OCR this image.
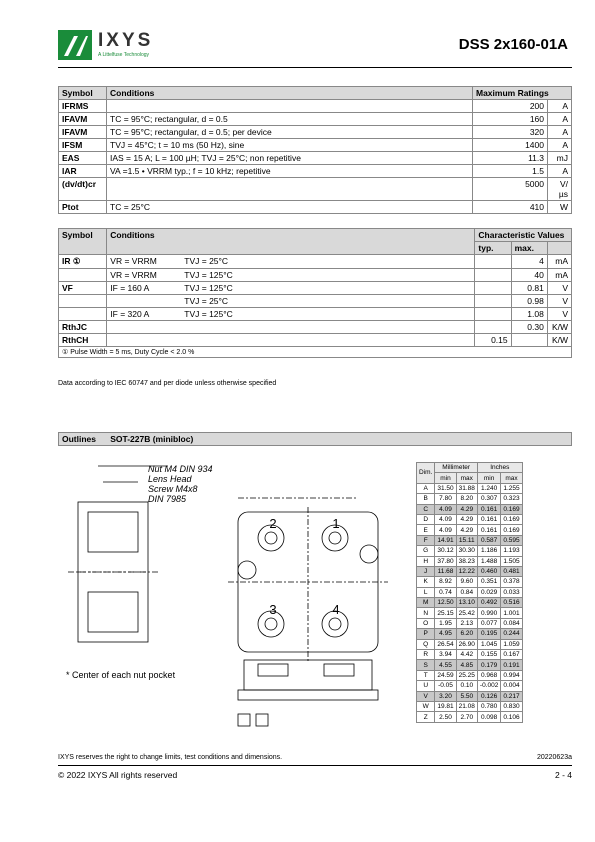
IXYS
A Littelfuse Technology
DSS 2x160-01A
Symbol	Conditions	Maximum Ratings	
IFRMS		200	A
IFAVM	TC = 95°C; rectangular, d = 0.5	160	A
IFAVM	TC = 95°C; rectangular, d = 0.5; per device	320	A
IFSM	TVJ = 45°C; t = 10 ms (50 Hz), sine	1400	A
EAS	IAS = 15 A; L = 100 µH; TVJ = 25°C; non repetitive	11.3	mJ
IAR	VA =1.5 • VRRM typ.; f = 10 kHz; repetitive	1.5	A
(dv/dt)cr		5000	V/µs
Ptot	TC = 25°C	410	W
Symbol	Conditions	Characteristic Values		
		typ.	max.	
IR ①	VR = VRRM TVJ = 25°C		4	mA
	VR = VRRM TVJ = 125°C		40	mA
VF	IF = 160 A TVJ = 125°C		0.81	V
	TVJ = 25°C		0.98	V
	IF = 320 A TVJ = 125°C		1.08	V
RthJC			0.30	K/W
RthCH		0.15		K/W
① Pulse Width = 5 ms, Duty Cycle < 2.0 %				
Data according to IEC 60747 and per diode unless otherwise specified
Outlines SOT-227B (minibloc)
2	1
3	4
Nut M4 DIN 934
Lens Head
Screw M4x8
DIN 7985
* Center of each nut pocket
Dim.	Millimeter		Inches	
	min	max	min	max
A	31.50	31.88	1.240	1.255
B	7.80	8.20	0.307	0.323
C	4.09	4.29	0.161	0.169
D	4.09	4.29	0.161	0.169
E	4.09	4.29	0.161	0.169
F	14.91	15.11	0.587	0.595
G	30.12	30.30	1.186	1.193
H	37.80	38.23	1.488	1.505
J	11.68	12.22	0.460	0.481
K	8.92	9.60	0.351	0.378
L	0.74	0.84	0.029	0.033
M	12.50	13.10	0.492	0.516
N	25.15	25.42	0.990	1.001
O	1.95	2.13	0.077	0.084
P	4.95	6.20	0.195	0.244
Q	26.54	26.90	1.045	1.059
R	3.94	4.42	0.155	0.167
S	4.55	4.85	0.179	0.191
T	24.59	25.25	0.968	0.994
U	-0.05	0.10	-0.002	0.004
V	3.20	5.50	0.126	0.217
W	19.81	21.08	0.780	0.830
Z	2.50	2.70	0.098	0.106
IXYS reserves the right to change limits, test conditions and dimensions.	20220623a
© 2022 IXYS All rights reserved	2 - 4
